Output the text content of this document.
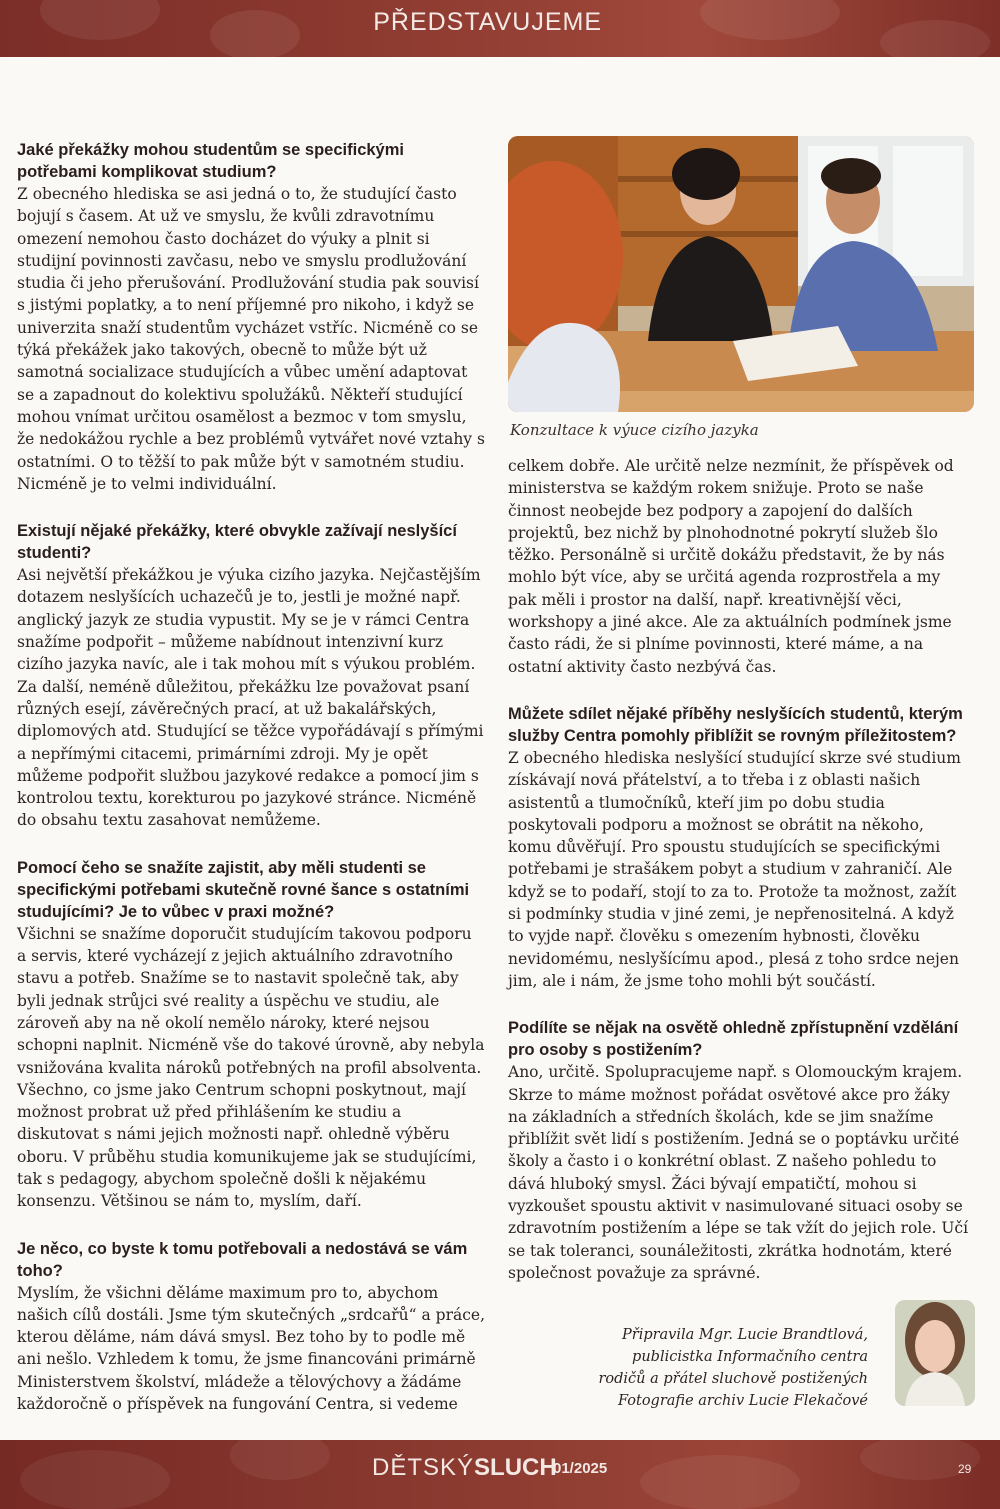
PŘEDSTAVUJEME

Jaké překážky mohou studentům se specifickými potřebami komplikovat studium?

Z obecného hlediska se asi jedná o to, že studující často bojují s časem. At už ve smyslu, že kvůli zdravotnímu omezení nemohou často docházet do výuky a plnit si studijní povinnosti zavčasu, nebo ve smyslu prodlužování studia či jeho přerušování. Prodlužování studia pak souvisí s jistými poplatky, a to není příjemné pro nikoho, i když se univerzita snaží studentům vycházet vstříc. Nicméně co se týká překážek jako takových, obecně to může být už samotná socializace studujících a vůbec umění adaptovat se a zapadnout do kolektivu spolužáků. Někteří studující mohou vnímat určitou osamělost a bezmoc v tom smyslu, že nedokážou rychle a bez problémů vytvářet nové vztahy s ostatními. O to těžší to pak může být v samotném studiu. Nicméně je to velmi individuální.

Existují nějaké překážky, které obvykle zažívají neslyšící studenti?

Asi největší překážkou je výuka cizího jazyka. Nejčastějším dotazem neslyšících uchazečů je to, jestli je možné např. anglický jazyk ze studia vypustit. My se je v rámci Centra snažíme podpořit – můžeme nabídnout intenzivní kurz cizího jazyka navíc, ale i tak mohou mít s výukou problém. Za další, neméně důležitou, překážku lze považovat psaní různých esejí, závěrečných prací, at už bakalářských, diplomových atd. Studující se těžce vypořádávají s přímými a nepřímými citacemi, primárními zdroji. My je opět můžeme podpořit službou jazykové redakce a pomocí jim s kontrolou textu, korekturou po jazykové stránce. Nicméně do obsahu textu zasahovat nemůžeme.

Pomocí čeho se snažíte zajistit, aby měli studenti se specifickými potřebami skutečně rovné šance s ostatními studujícími? Je to vůbec v praxi možné?

Všichni se snažíme doporučit studujícím takovou podporu a servis, které vycházejí z jejich aktuálního zdravotního stavu a potřeb. Snažíme se to nastavit společně tak, aby byli jednak strůjci své reality a úspěchu ve studiu, ale zároveň aby na ně okolí nemělo nároky, které nejsou schopni naplnit. Nicméně vše do takové úrovně, aby nebyla vsnižována kvalita nároků potřebných na profil absolventa. Všechno, co jsme jako Centrum schopni poskytnout, mají možnost probrat už před přihlášením ke studiu a diskutovat s námi jejich možnosti např. ohledně výběru oboru. V průběhu studia komunikujeme jak se studujícími, tak s pedagogy, abychom společně došli k nějakému konsenzu. Většinou se nám to, myslím, daří.

Je něco, co byste k tomu potřebovali a nedostává se vám toho?

Myslím, že všichni děláme maximum pro to, abychom našich cílů dostáli. Jsme tým skutečných „srdcařů“ a práce, kterou děláme, nám dává smysl. Bez toho by to podle mě ani nešlo. Vzhledem k tomu, že jsme financováni primárně Ministerstvem školství, mládeže a tělovýchovy a žádáme každoročně o příspěvek na fungování Centra, si vedeme

Konzultace k výuce cizího jazyka

celkem dobře. Ale určitě nelze nezmínit, že příspěvek od ministerstva se každým rokem snižuje. Proto se naše činnost neobejde bez podpory a zapojení do dalších projektů, bez nichž by plnohodnotné pokrytí služeb šlo těžko. Personálně si určitě dokážu představit, že by nás mohlo být více, aby se určitá agenda rozprostřela a my pak měli i prostor na další, např. kreativnější věci, workshopy a jiné akce. Ale za aktuálních podmínek jsme často rádi, že si plníme povinnosti, které máme, a na ostatní aktivity často nezbývá čas.

Můžete sdílet nějaké příběhy neslyšících studentů, kterým služby Centra pomohly přiblížit se rovným příležitostem?

Z obecného hlediska neslyšící studující skrze své studium získávají nová přátelství, a to třeba i z oblasti našich asistentů a tlumočníků, kteří jim po dobu studia poskytovali podporu a možnost se obrátit na někoho, komu důvěřují. Pro spoustu studujících se specifickými potřebami je strašákem pobyt a studium v zahraničí. Ale když se to podaří, stojí to za to. Protože ta možnost, zažít si podmínky studia v jiné zemi, je nepřenositelná. A když to vyjde např. člověku s omezením hybnosti, člověku nevidomému, neslyšícímu apod., plesá z toho srdce nejen jim, ale i nám, že jsme toho mohli být součástí.

Podílíte se nějak na osvětě ohledně zpřístupnění vzdělání pro osoby s postižením?

Ano, určitě. Spolupracujeme např. s Olomouckým krajem. Skrze to máme možnost pořádat osvětové akce pro žáky na základních a středních školách, kde se jim snažíme přiblížit svět lidí s postižením. Jedná se o poptávku určité školy a často i o konkrétní oblast. Z našeho pohledu to dává hluboký smysl. Žáci bývají empatičtí, mohou si vyzkoušet spoustu aktivit v nasimulované situaci osoby se zdravotním postižením a lépe se tak vžít do jejich role. Učí se tak toleranci, sounáležitosti, zkrátka hodnotám, které společnost považuje za správné.

Připravila Mgr. Lucie Brandtlová,
publicistka Informačního centra
rodičů a přátel sluchově postižených
Fotografie archiv Lucie Flekačové
DĚTSKÝSLUCH
01/2025	29
